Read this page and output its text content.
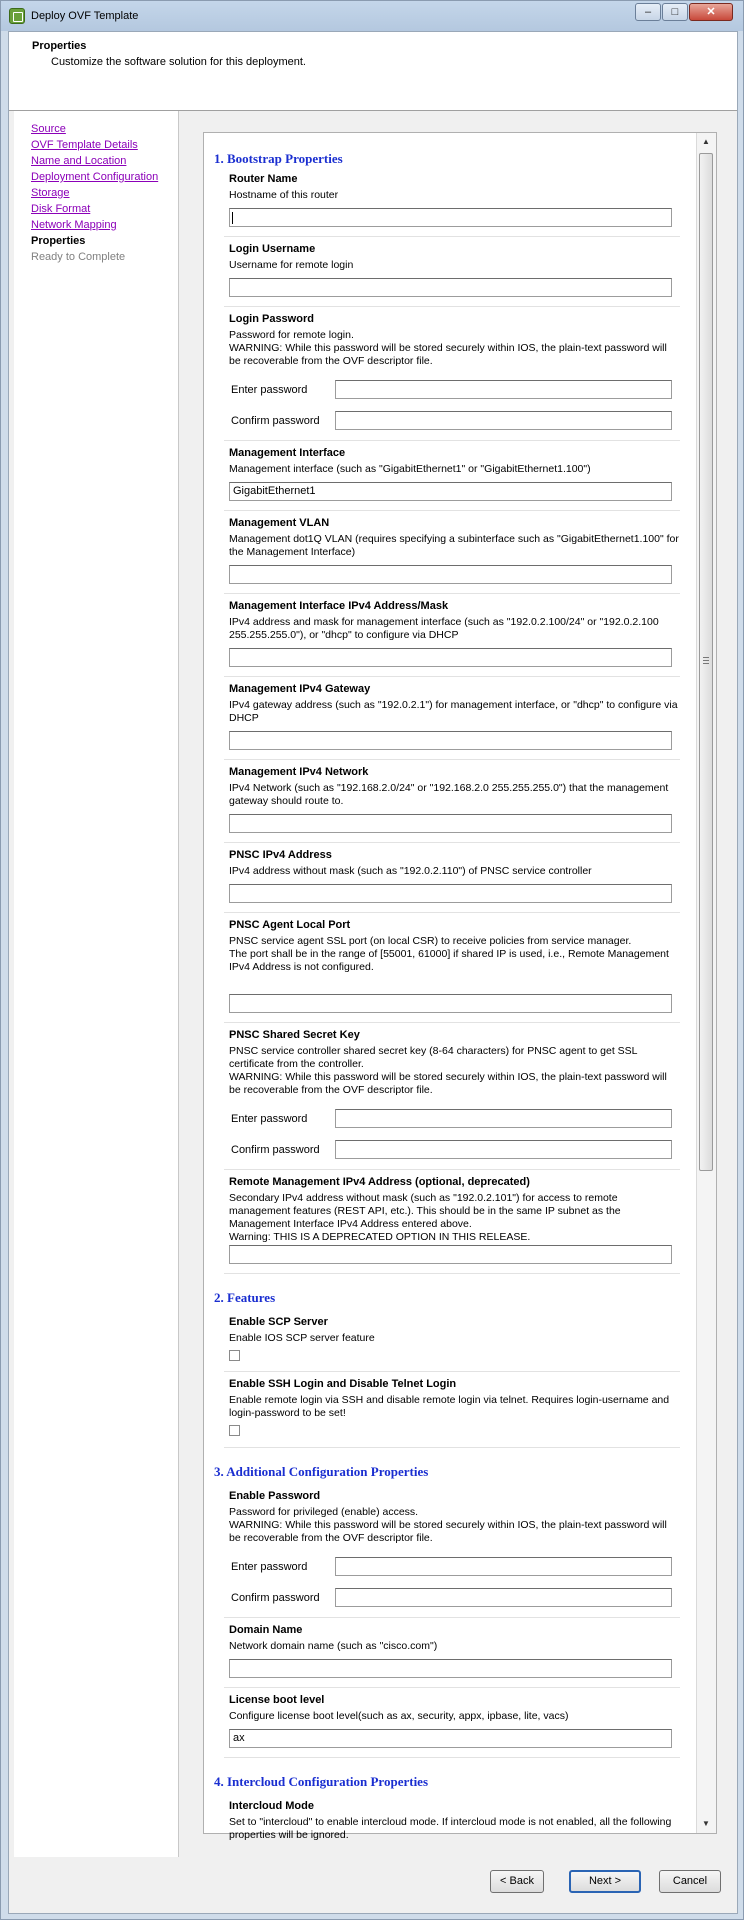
Deploy OVF Template	–	□	✕
Properties
Customize the software solution for this deployment.
Source
OVF Template Details
Name and Location
Deployment Configuration
Storage
Disk Format
Network Mapping
Properties
Ready to Complete
1. Bootstrap Properties
Router Name
Hostname of this router
Login Username
Username for remote login
Login Password
Password for remote login.
WARNING: While this password will be stored securely within IOS, the plain-text password will be recoverable from the OVF descriptor file.
Enter password
Confirm password
Management Interface
Management interface (such as "GigabitEthernet1" or "GigabitEthernet1.100")
GigabitEthernet1
Management VLAN
Management dot1Q VLAN (requires specifying a subinterface such as "GigabitEthernet1.100" for the Management Interface)
Management Interface IPv4 Address/Mask
IPv4 address and mask for management interface (such as "192.0.2.100/24" or "192.0.2.100 255.255.255.0"), or "dhcp" to configure via DHCP
Management IPv4 Gateway
IPv4 gateway address (such as "192.0.2.1") for management interface, or "dhcp" to configure via DHCP
Management IPv4 Network
IPv4 Network (such as "192.168.2.0/24" or "192.168.2.0 255.255.255.0") that the management gateway should route to.
PNSC IPv4 Address
IPv4 address without mask (such as "192.0.2.110") of PNSC service controller
PNSC Agent Local Port
PNSC service agent SSL port (on local CSR) to receive policies from service manager.
The port shall be in the range of [55001, 61000] if shared IP is used, i.e., Remote Management IPv4 Address is not configured.
PNSC Shared Secret Key
PNSC service controller shared secret key (8-64 characters) for PNSC agent to get SSL certificate from the controller.
WARNING: While this password will be stored securely within IOS, the plain-text password will be recoverable from the OVF descriptor file.
Enter password
Confirm password
Remote Management IPv4 Address (optional, deprecated)
Secondary IPv4 address without mask (such as "192.0.2.101") for access to remote management features (REST API, etc.). This should be in the same IP subnet as the Management Interface IPv4 Address entered above.
Warning: THIS IS A DEPRECATED OPTION IN THIS RELEASE.
2. Features
Enable SCP Server
Enable IOS SCP server feature
Enable SSH Login and Disable Telnet Login
Enable remote login via SSH and disable remote login via telnet. Requires login-username and login-password to be set!
3. Additional Configuration Properties
Enable Password
Password for privileged (enable) access.
WARNING: While this password will be stored securely within IOS, the plain-text password will be recoverable from the OVF descriptor file.
Enter password
Confirm password
Domain Name
Network domain name (such as "cisco.com")
License boot level
Configure license boot level(such as ax, security, appx, ipbase, lite, vacs)
ax
4. Intercloud Configuration Properties
Intercloud Mode
Set to "intercloud" to enable intercloud mode. If intercloud mode is not enabled, all the following properties will be ignored.
▲
▼
< Back	Next >	Cancel
